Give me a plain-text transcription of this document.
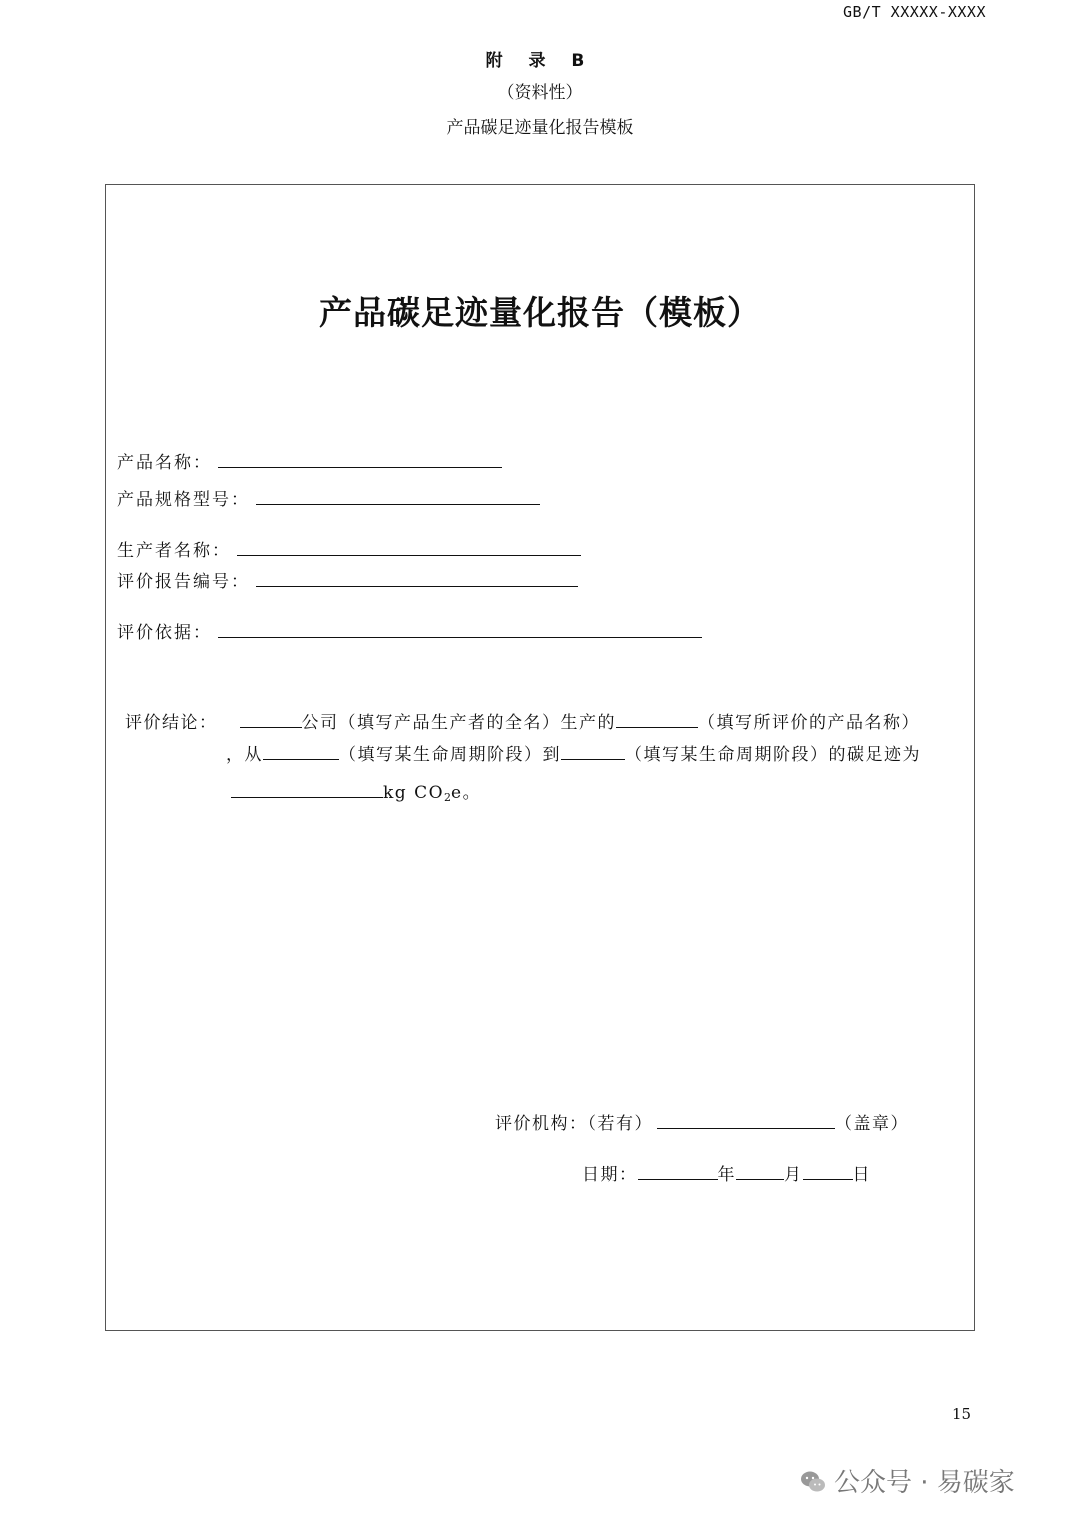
GB/T XXXXX-XXXX
附 录 B
（资料性）
产品碳足迹量化报告模板
产品碳足迹量化报告（模板）
产品名称：
产品规格型号：
生产者名称：
评价报告编号：
评价依据：
评价结论：	公司（填写产品生产者的全名）生产的	（填写所评价的产品名称）
，从	（填写某生命周期阶段）到	（填写某生命周期阶段）的碳足迹为
kg $CO_2e$。
评价机构：（若有）	（盖章）
日期：	年	月	日
15
公众号 · 易碳家
